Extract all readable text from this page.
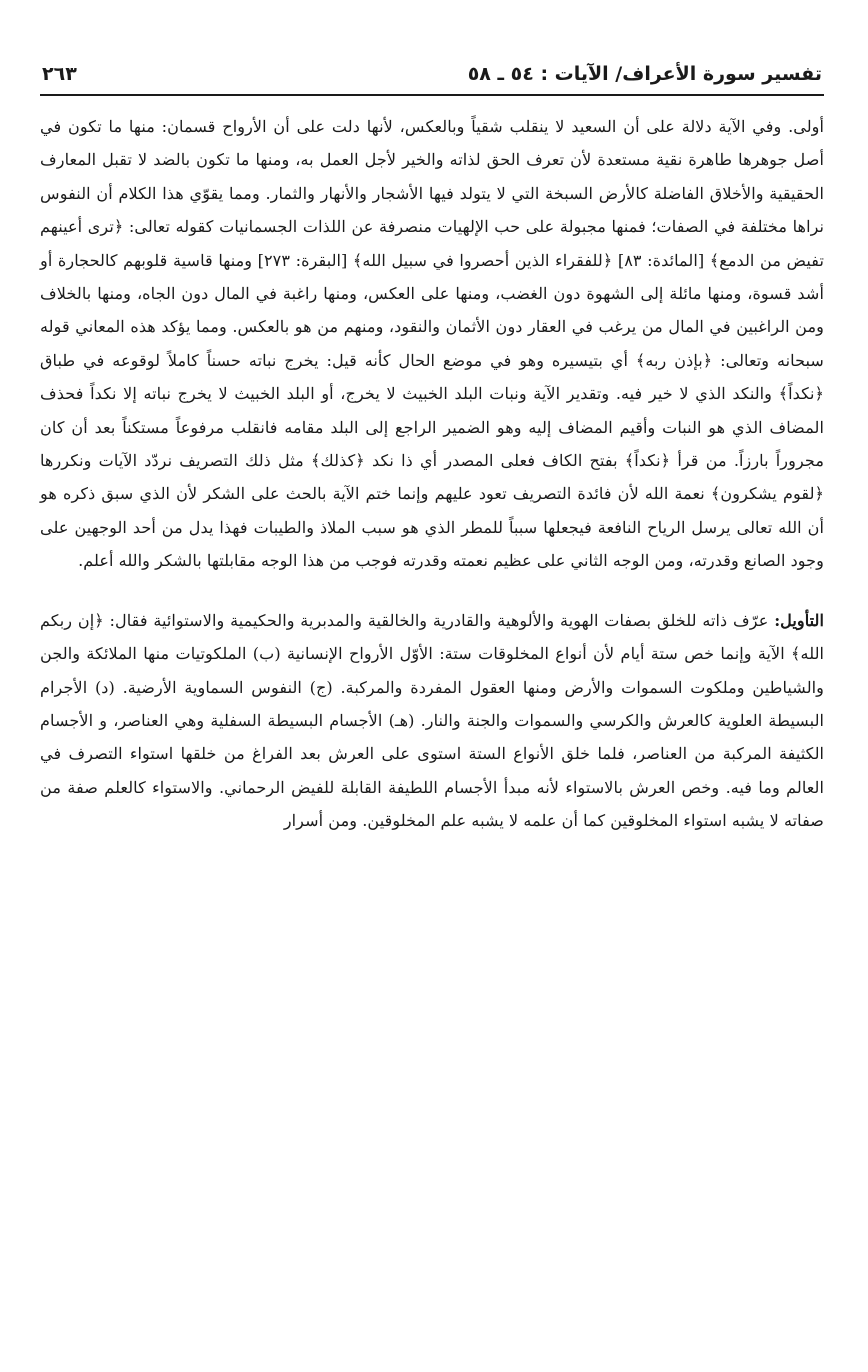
تفسير سورة الأعراف/ الآيات : ٥٤ ـ ٥٨
٢٦٣

أولى. وفي الآية دلالة على أن السعيد لا ينقلب شقياً وبالعكس، لأنها دلت على أن الأرواح قسمان: منها ما تكون في أصل جوهرها طاهرة نقية مستعدة لأن تعرف الحق لذاته والخير لأجل العمل به، ومنها ما تكون بالضد لا تقبل المعارف الحقيقية والأخلاق الفاضلة كالأرض السبخة التي لا يتولد فيها الأشجار والأنهار والثمار. ومما يقوّي هذا الكلام أن النفوس نراها مختلفة في الصفات؛ فمنها مجبولة على حب الإلهيات منصرفة عن اللذات الجسمانيات كقوله تعالى: ﴿ترى أعينهم تفيض من الدمع﴾ [المائدة: ٨٣] ﴿للفقراء الذين أحصروا في سبيل الله﴾ [البقرة: ٢٧٣] ومنها قاسية قلوبهم كالحجارة أو أشد قسوة، ومنها مائلة إلى الشهوة دون الغضب، ومنها على العكس، ومنها راغبة في المال دون الجاه، ومنها بالخلاف ومن الراغبين في المال من يرغب في العقار دون الأثمان والنقود، ومنهم من هو بالعكس. ومما يؤكد هذه المعاني قوله سبحانه وتعالى: ﴿بإذن ربه﴾ أي بتيسيره وهو في موضع الحال كأنه قيل: يخرج نباته حسناً كاملاً لوقوعه في طباق ﴿نكداً﴾ والنكد الذي لا خير فيه. وتقدير الآية ونبات البلد الخبيث لا يخرج، أو البلد الخبيث لا يخرج نباته إلا نكداً فحذف المضاف الذي هو النبات وأقيم المضاف إليه وهو الضمير الراجع إلى البلد مقامه فانقلب مرفوعاً مستكناً بعد أن كان مجروراً بارزاً. من قرأ ﴿نكداً﴾ بفتح الكاف فعلى المصدر أي ذا نكد ﴿كذلك﴾ مثل ذلك التصريف نردّد الآيات ونكررها ﴿لقوم يشكرون﴾ نعمة الله لأن فائدة التصريف تعود عليهم وإنما ختم الآية بالحث على الشكر لأن الذي سبق ذكره هو أن الله تعالى يرسل الرياح النافعة فيجعلها سبباً للمطر الذي هو سبب الملاذ والطيبات فهذا يدل من أحد الوجهين على وجود الصانع وقدرته، ومن الوجه الثاني على عظيم نعمته وقدرته فوجب من هذا الوجه مقابلتها بالشكر والله أعلم.

التأويل: عرّف ذاته للخلق بصفات الهوية والألوهية والقادرية والخالقية والمدبرية والحكيمية والاستوائية فقال: ﴿إن ربكم الله﴾ الآية وإنما خص ستة أيام لأن أنواع المخلوقات ستة: الأوّل الأرواح الإنسانية (ب) الملكوتيات منها الملائكة والجن والشياطين وملكوت السموات والأرض ومنها العقول المفردة والمركبة. (ج) النفوس السماوية الأرضية. (د) الأجرام البسيطة العلوية كالعرش والكرسي والسموات والجنة والنار. (هـ) الأجسام البسيطة السفلية وهي العناصر، و الأجسام الكثيفة المركبة من العناصر، فلما خلق الأنواع الستة استوى على العرش بعد الفراغ من خلقها استواء التصرف في العالم وما فيه. وخص العرش بالاستواء لأنه مبدأ الأجسام اللطيفة القابلة للفيض الرحماني. والاستواء كالعلم صفة من صفاته لا يشبه استواء المخلوقين كما أن علمه لا يشبه علم المخلوقين. ومن أسرار
